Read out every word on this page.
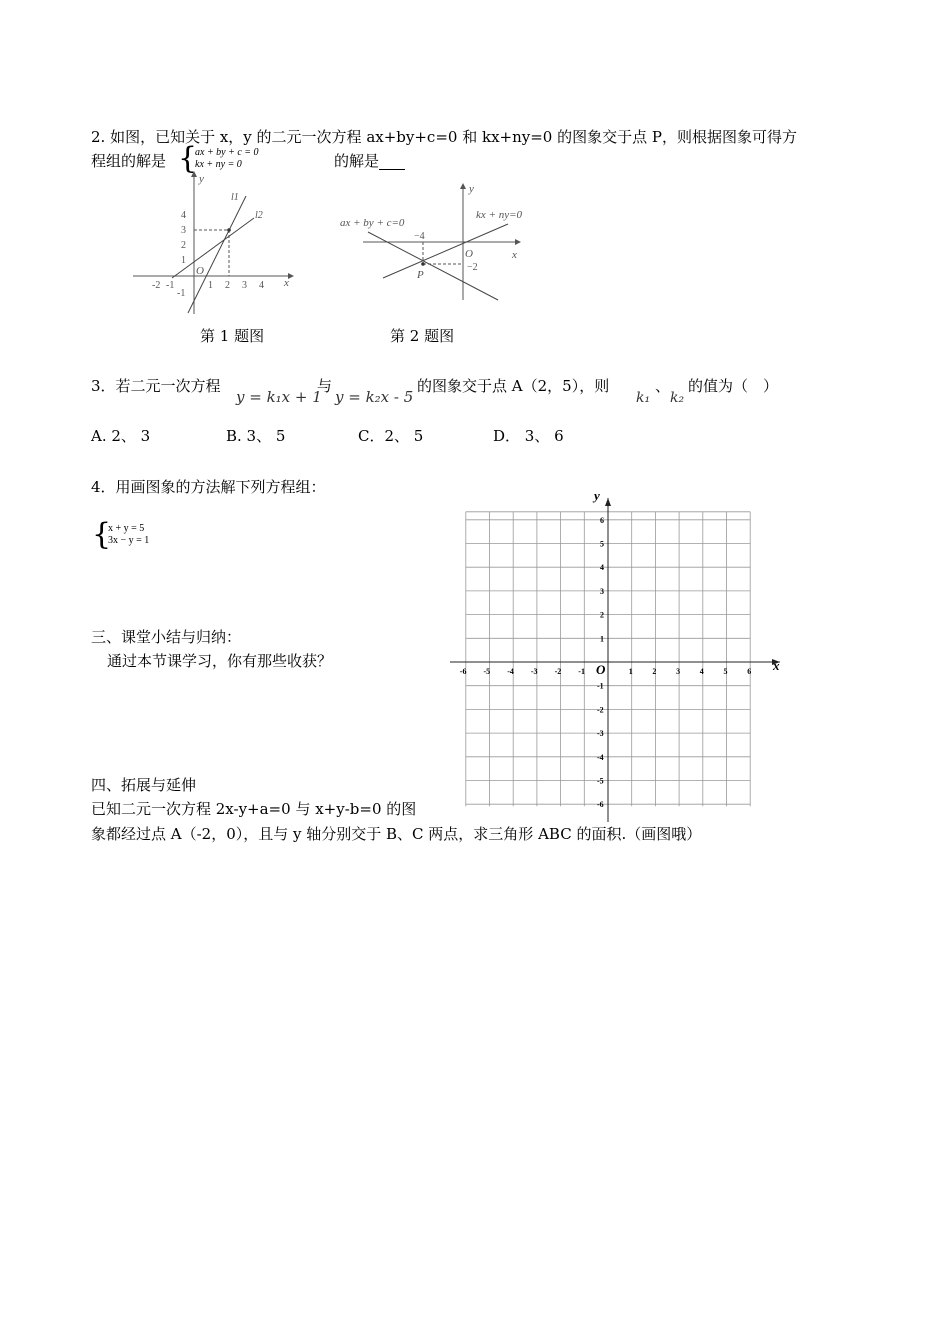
2. 如图，已知关于 x，y 的二元一次方程 ax+by+c=0 和 kx+ny=0 的图象交于点 P，则根据图象可得方
程组的解是 {
ax + by + c = 0
kx + ny = 0	的解是
y
x
O
4
3
2
1
-1
-2 -1	1 2 3 4
l1
l2
y
x
O
ax + by + c=0
kx + ny=0
−4
−2
P
第 1 题图	第 2 题图
3．若二元一次方程
y = k₁x + 1
与
y = k₂x - 5
的图象交于点 A（2，5），则
k₁
、
k₂
的值为（　）
A. 2、 3	B. 3、 5	C．2、 5	D． 3、 6
4．用画图象的方法解下列方程组：
{
x + y = 5
3x − y = 1
y
x
O
-6 -5 -4 -3 -2 -1	1 2 3 4 5 6
6
5
4
3
2
1
-1
-2
-3
-4
-5
-6
三、课堂小结与归纳：
通过本节课学习，你有那些收获？
四、拓展与延伸
已知二元一次方程 2x-y+a=0 与 x+y-b=0 的图
象都经过点 A（-2，0），且与 y 轴分别交于 B、C 两点，求三角形 ABC 的面积.（画图哦）
